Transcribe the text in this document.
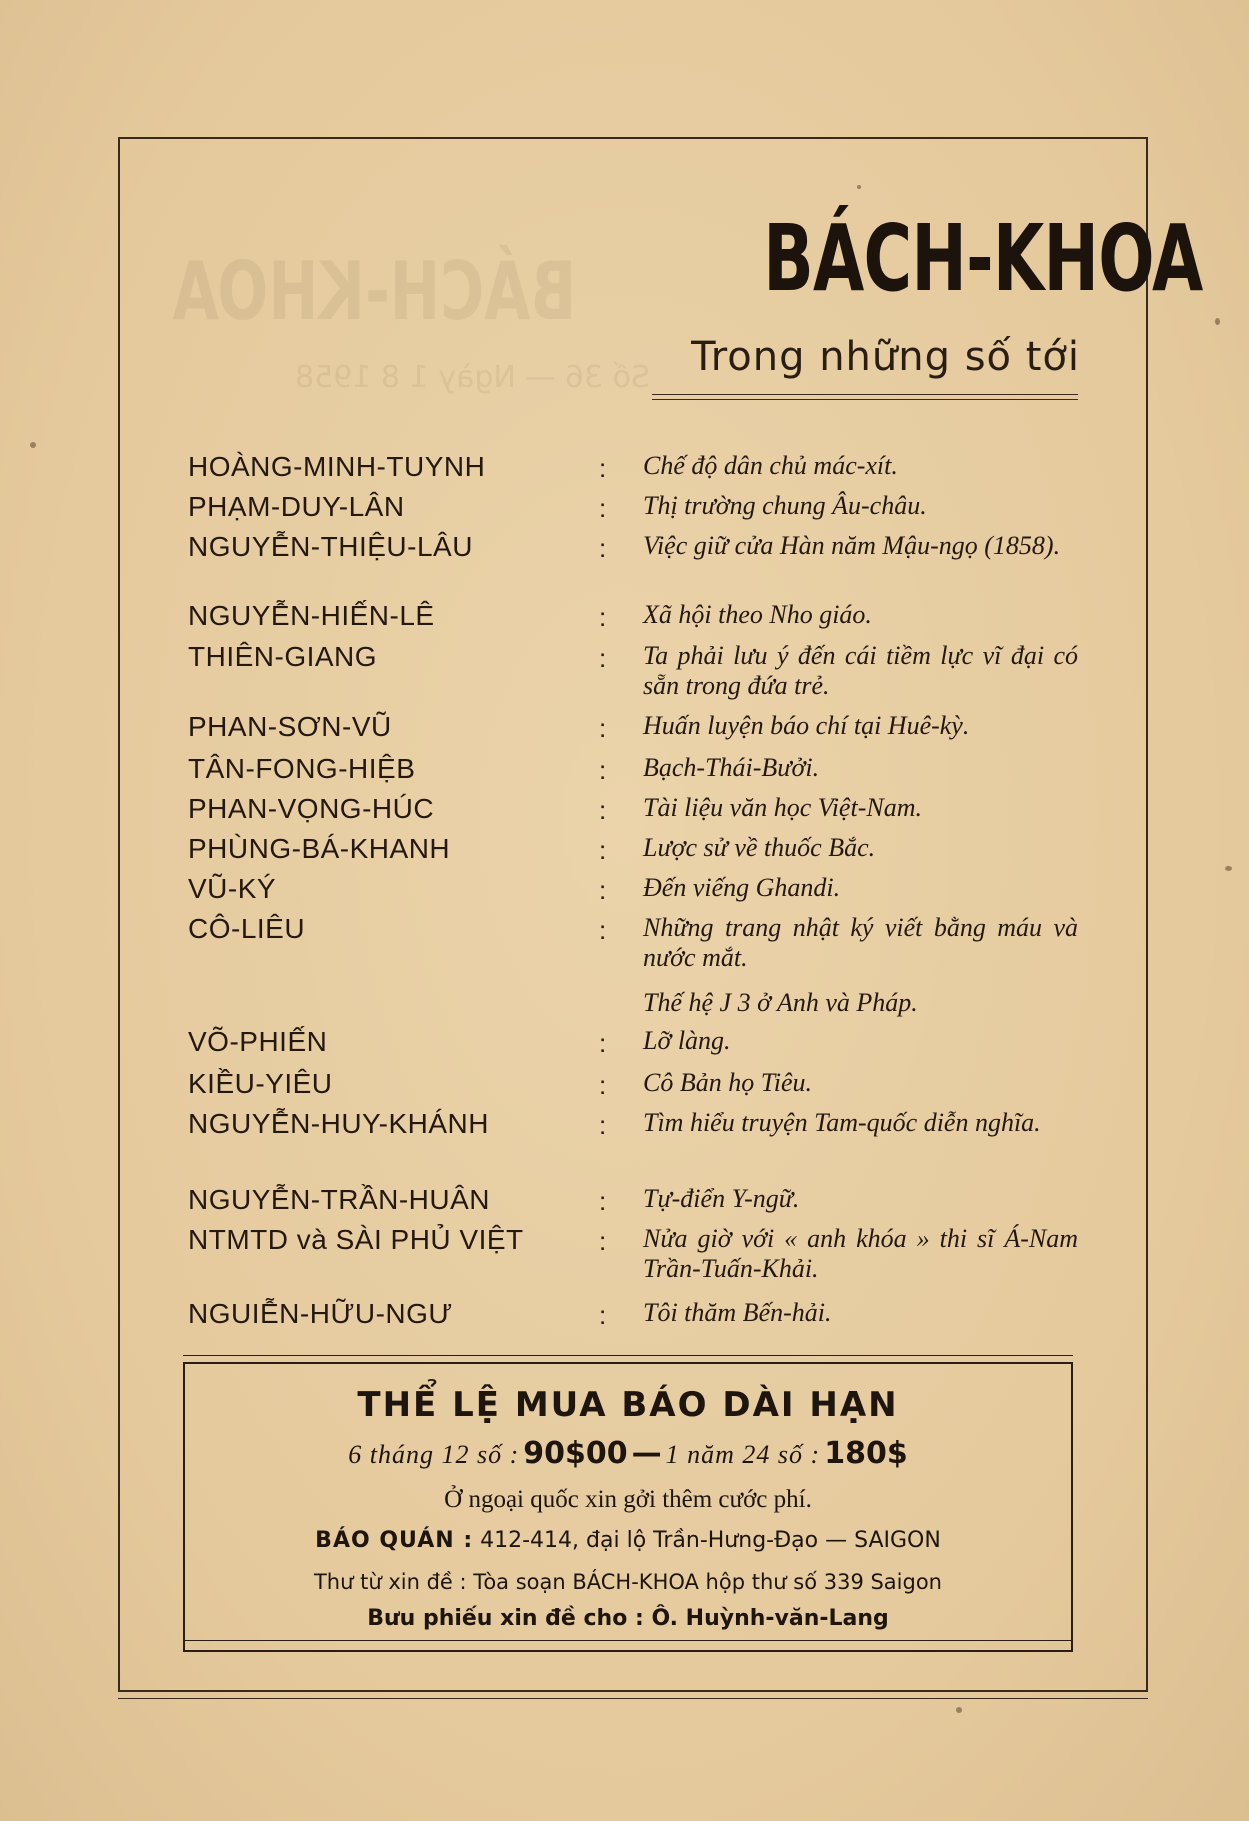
BÁCH-KHOA
Số 36 — Ngày 1 8 1958
BÁCH-KHOA
Trong những số tới
HOÀNG-MINH-TUYNH	: Chế độ dân chủ mác-xít.
PHẠM-DUY-LÂN	: Thị trường chung Âu-châu.
NGUYỄN-THIỆU-LÂU	: Việc giữ cửa Hàn năm Mậu-ngọ (1858).
NGUYỄN-HIẾN-LÊ	: Xã hội theo Nho giáo.
THIÊN-GIANG	: Ta phải lưu ý đến cái tiềm lực vĩ đại có sẵn trong đứa trẻ.
PHAN-SƠN-VŨ	: Huấn luyện báo chí tại Huê-kỳ.
TÂN-FONG-HIỆB	: Bạch-Thái-Bưởi.
PHAN-VỌNG-HÚC	: Tài liệu văn học Việt-Nam.
PHÙNG-BÁ-KHANH	: Lược sử về thuốc Bắc.
VŨ-KÝ	: Đến viếng Ghandi.
CÔ-LIÊU	: Những trang nhật ký viết bằng máu và nước mắt.
Thế hệ J 3 ở Anh và Pháp.
VÕ-PHIẾN	: Lỡ làng.
KIỀU-YIÊU	: Cô Bản họ Tiêu.
NGUYỄN-HUY-KHÁNH	: Tìm hiểu truyện Tam-quốc diễn nghĩa.
NGUYỄN-TRẦN-HUÂN	: Tự-điển Y-ngữ.
NTMTD và SÀI PHỦ VIỆT	: Nửa giờ với « anh khóa » thi sĩ Á-Nam Trần-Tuấn-Khải.
NGUIỄN-HỮU-NGƯ	: Tôi thăm Bến-hải.
THỂ LỆ MUA BÁO DÀI HẠN
6 tháng 12 số : 90$00 — 1 năm 24 số : 180$
Ở ngoại quốc xin gởi thêm cước phí.
BÁO QUÁN : 412-414, đại lộ Trần-Hưng-Đạo — SAIGON
Thư từ xin đề : Tòa soạn BÁCH-KHOA hộp thư số 339 Saigon
Bưu phiếu xin đề cho : Ô. Huỳnh-văn-Lang
